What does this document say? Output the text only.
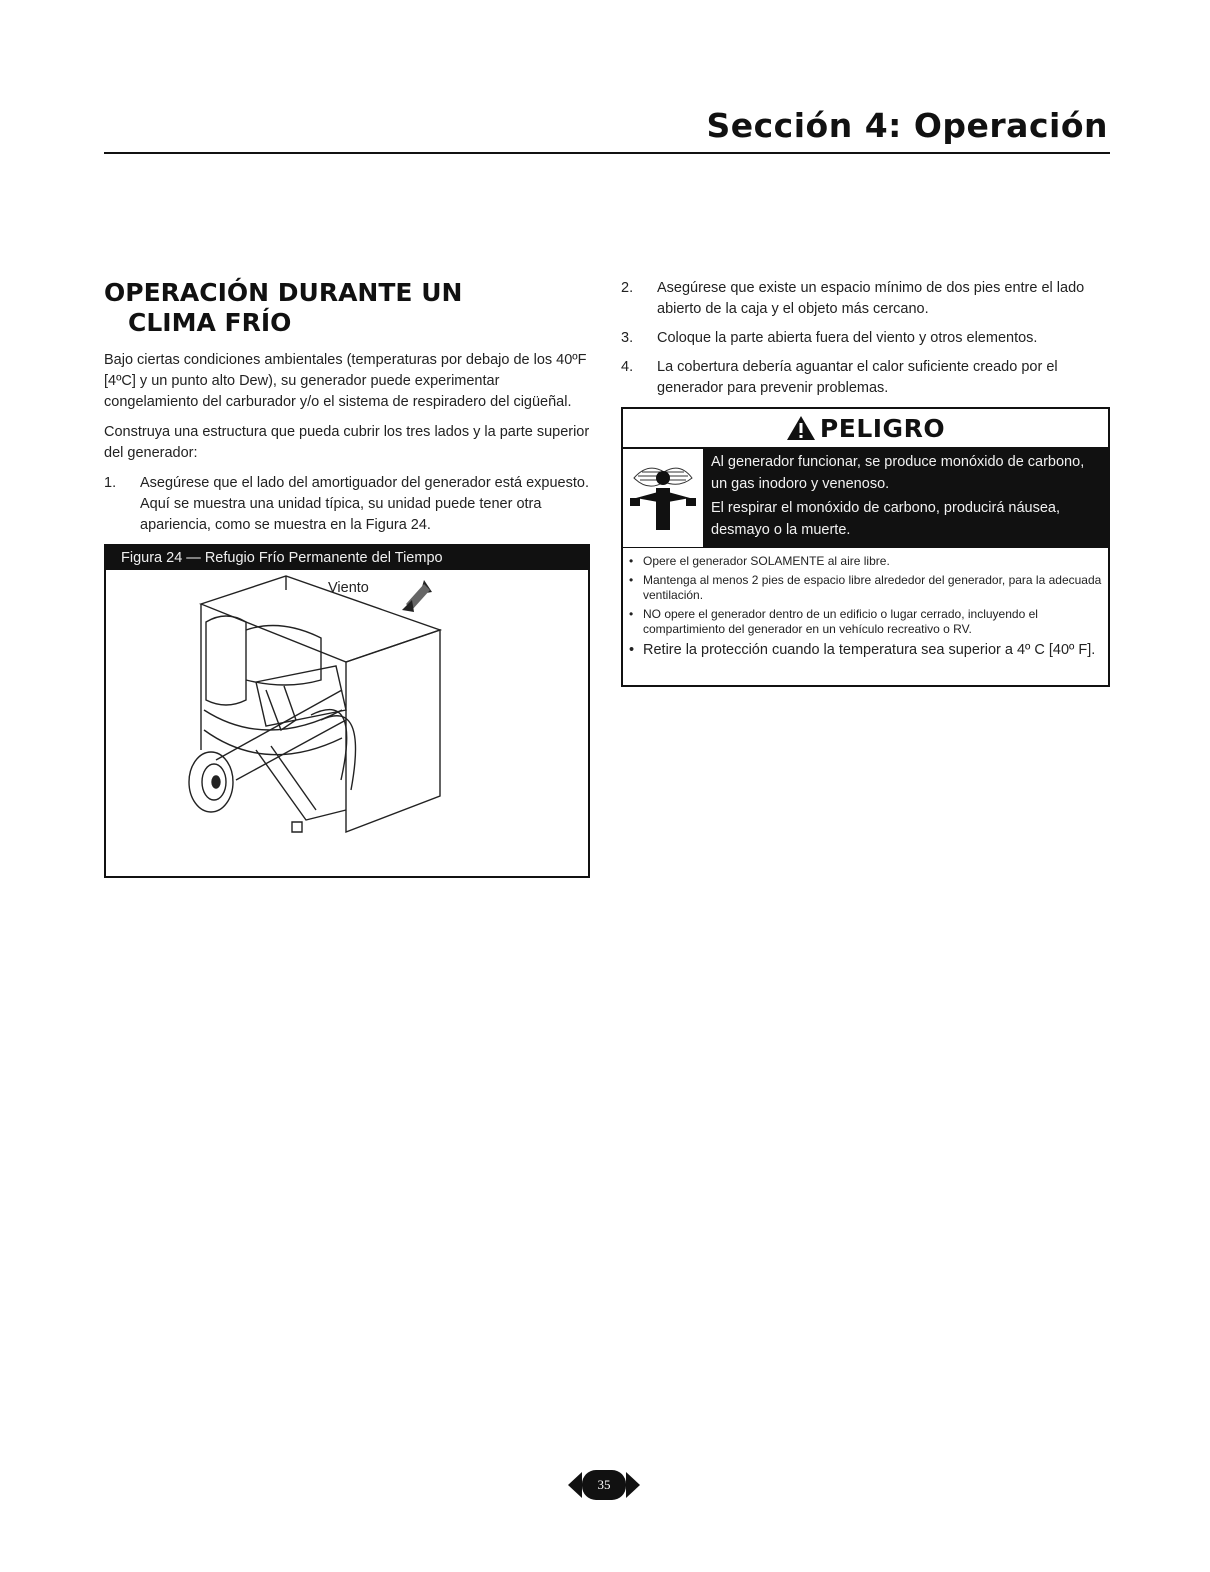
Sección 4: Operación
OPERACIÓN DURANTE UN
CLIMA FRÍO

Bajo ciertas condiciones ambientales (temperaturas por debajo de los 40ºF [4ºC] y un punto alto Dew), su generador puede experimentar congelamiento del carburador y/o el sistema de respiradero del cigüeñal.

Construya una estructura que pueda cubrir los tres lados y la parte superior del generador:

1.	Asegúrese que el lado del amortiguador del generador está expuesto. Aquí se muestra una unidad típica, su unidad puede tener otra apariencia, como se muestra en la Figura 24.
Figura 24 — Refugio Frío Permanente del Tiempo
Viento
2.	Asegúrese que existe un espacio mínimo de dos pies entre el lado abierto de la caja y el objeto más cercano.
3.	Coloque la parte abierta fuera del viento y otros elementos.
4.	La cobertura debería aguantar el calor suficiente creado por el generador para prevenir problemas.
PELIGRO
Al generador funcionar, se produce monóxido de carbono, un gas inodoro y venenoso.
El respirar el monóxido de carbono, producirá náusea, desmayo o la muerte.
• Opere el generador SOLAMENTE al aire libre.
• Mantenga al menos 2 pies de espacio libre alrededor del generador, para la adecuada ventilación.
• NO opere el generador dentro de un edificio o lugar cerrado, incluyendo el compartimiento del generador en un vehículo recreativo o RV.
• Retire la protección cuando la temperatura sea superior a 4º C [40º F].
35
